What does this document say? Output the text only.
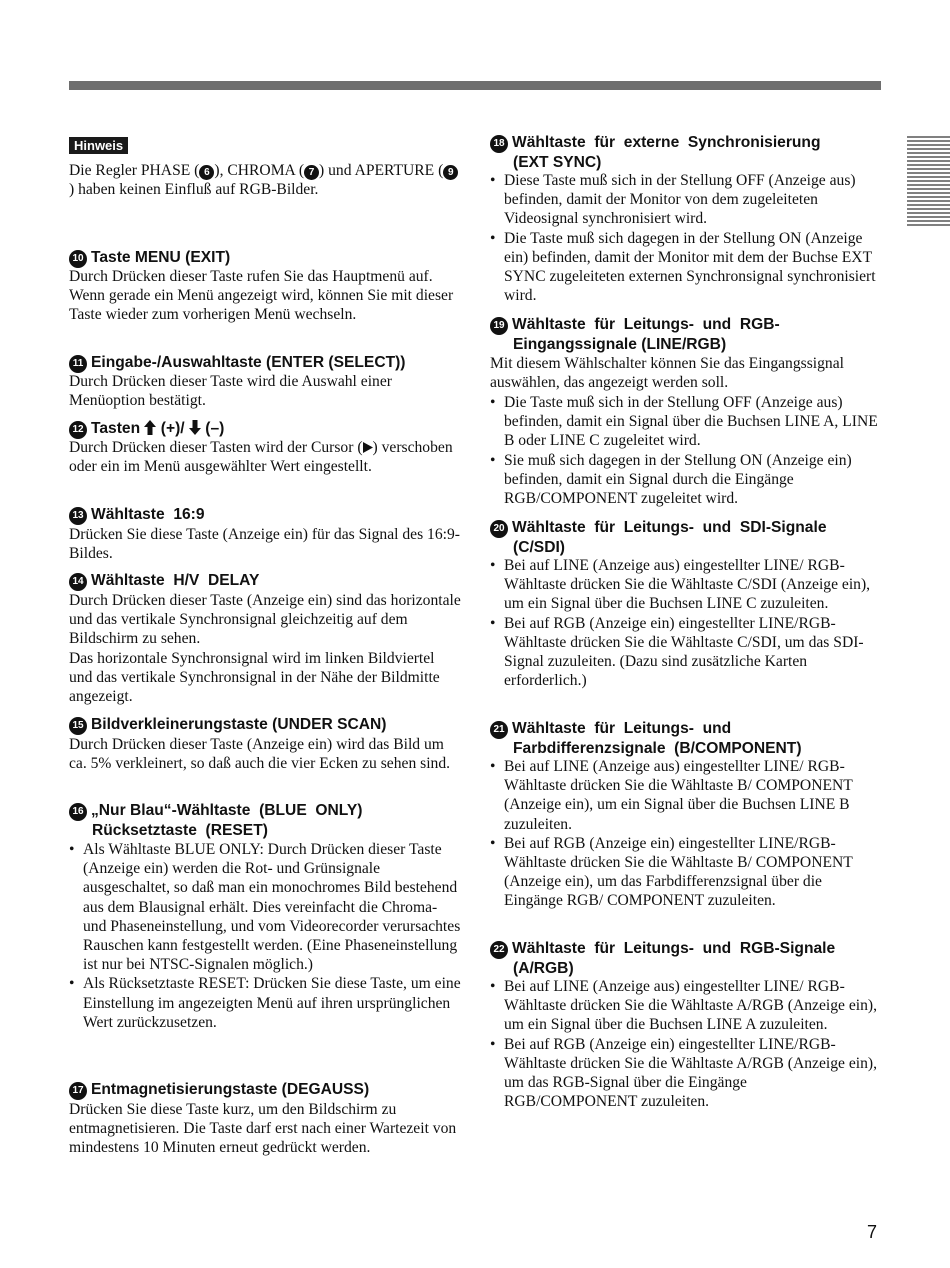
Hinweis
Die Regler PHASE ( 6 ), CHROMA ( 7 ) und APERTURE ( 9) haben keinen Einfluß auf RGB-Bilder.
10 Taste MENU (EXIT)
Durch Drücken dieser Taste rufen Sie das Hauptmenü auf. Wenn gerade ein Menü angezeigt wird, können Sie mit dieser Taste wieder zum vorherigen Menü wechseln.
11 Eingabe-/Auswahltaste (ENTER (SELECT))
Durch Drücken dieser Taste wird die Auswahl einer Menüoption bestätigt.
12 Tasten  (+)/  (–)
Durch Drücken dieser Tasten wird der Cursor ( ) verschoben oder ein im Menü ausgewählter Wert eingestellt.
13 Wähltaste  16:9
Drücken Sie diese Taste (Anzeige ein) für das Signal des 16:9-Bildes.
14 Wähltaste  H/V  DELAY
Durch Drücken dieser Taste (Anzeige ein) sind das horizontale und das vertikale Synchronsignal gleichzeitig auf dem Bildschirm zu sehen.
Das horizontale Synchronsignal wird im linken Bildviertel und das vertikale Synchronsignal in der Nähe der Bildmitte angezeigt.
15 Bildverkleinerungstaste (UNDER SCAN)
Durch Drücken dieser Taste (Anzeige ein) wird das Bild um ca. 5% verkleinert, so daß auch die vier Ecken zu sehen sind.
16 „Nur Blau“-Wähltaste  (BLUE  ONLY)
Rücksetztaste  (RESET)
• Als Wähltaste BLUE ONLY: Durch Drücken dieser Taste (Anzeige ein) werden die Rot- und Grünsignale ausgeschaltet, so daß man ein monochromes Bild bestehend aus dem Blausignal erhält. Dies vereinfacht die Chroma- und Phaseneinstellung, und vom Videorecorder verursachtes Rauschen kann festgestellt werden. (Eine Phaseneinstellung ist nur bei NTSC-Signalen möglich.)
• Als Rücksetztaste RESET: Drücken Sie diese Taste, um eine Einstellung im angezeigten Menü auf ihren ursprünglichen Wert zurückzusetzen.
17 Entmagnetisierungstaste (DEGAUSS)
Drücken Sie diese Taste kurz, um den Bildschirm zu entmagnetisieren. Die Taste darf erst nach einer Wartezeit von mindestens 10 Minuten erneut gedrückt werden.
18 Wähltaste  für  externe  Synchronisierung
(EXT SYNC)
• Diese Taste muß sich in der Stellung OFF (Anzeige aus) befinden, damit der Monitor von dem zugeleiteten Videosignal synchronisiert wird.
• Die Taste muß sich dagegen in der Stellung ON (Anzeige ein) befinden, damit der Monitor mit dem der Buchse EXT SYNC zugeleiteten externen Synchronsignal synchronisiert wird.
19 Wähltaste  für  Leitungs-  und  RGB-
Eingangssignale (LINE/RGB)
Mit diesem Wählschalter können Sie das Eingangssignal auswählen, das angezeigt werden soll.
• Die Taste muß sich in der Stellung OFF (Anzeige aus) befinden, damit ein Signal über die Buchsen LINE A, LINE B oder LINE C zugeleitet wird.
• Sie muß sich dagegen in der Stellung ON (Anzeige ein) befinden, damit ein Signal durch die Eingänge RGB/COMPONENT zugeleitet wird.
20 Wähltaste  für  Leitungs-  und  SDI-Signale
(C/SDI)
• Bei auf LINE (Anzeige aus) eingestellter LINE/ RGB-Wähltaste drücken Sie die Wähltaste C/SDI (Anzeige ein), um ein Signal über die Buchsen LINE C zuzuleiten.
• Bei auf RGB (Anzeige ein) eingestellter LINE/RGB-Wähltaste drücken Sie die Wähltaste C/SDI, um das SDI-Signal zuzuleiten. (Dazu sind zusätzliche Karten erforderlich.)
21 Wähltaste  für  Leitungs-  und
Farbdifferenzsignale  (B/COMPONENT)
• Bei auf LINE (Anzeige aus) eingestellter LINE/ RGB-Wähltaste drücken Sie die Wähltaste B/ COMPONENT (Anzeige ein), um ein Signal über die Buchsen LINE B zuzuleiten.
• Bei auf RGB (Anzeige ein) eingestellter LINE/RGB-Wähltaste drücken Sie die Wähltaste B/ COMPONENT (Anzeige ein), um das Farbdifferenzsignal über die Eingänge RGB/ COMPONENT zuzuleiten.
22 Wähltaste  für  Leitungs-  und  RGB-Signale
(A/RGB)
• Bei auf LINE (Anzeige aus) eingestellter LINE/ RGB-Wähltaste drücken Sie die Wähltaste A/RGB (Anzeige ein), um ein Signal über die Buchsen LINE A zuzuleiten.
• Bei auf RGB (Anzeige ein) eingestellter LINE/RGB-Wähltaste drücken Sie die Wähltaste A/RGB (Anzeige ein), um das RGB-Signal über die Eingänge RGB/COMPONENT zuzuleiten.
7
